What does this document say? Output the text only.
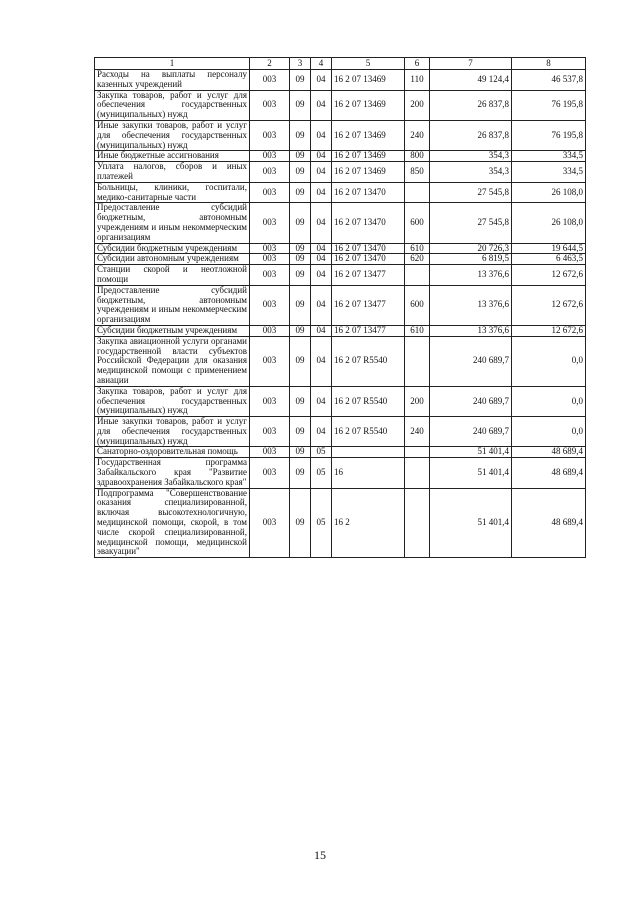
1	2	3	4	5	6	7	8
Расходы на выплаты персоналу казенных учреждений	003	09	04	16 2 07 13469	110	49 124,4	46 537,8
Закупка товаров, работ и услуг для обеспечения государственных (муниципальных) нужд	003	09	04	16 2 07 13469	200	26 837,8	76 195,8
Иные закупки товаров, работ и услуг для обеспечения государственных (муниципальных) нужд	003	09	04	16 2 07 13469	240	26 837,8	76 195,8
Иные бюджетные ассигнования	003	09	04	16 2 07 13469	800	354,3	334,5
Уплата налогов, сборов и иных платежей	003	09	04	16 2 07 13469	850	354,3	334,5
Больницы, клиники, госпитали, медико-санитарные части	003	09	04	16 2 07 13470		27 545,8	26 108,0
Предоставление субсидий бюджетным, автономным учреждениям и иным некоммерческим организациям	003	09	04	16 2 07 13470	600	27 545,8	26 108,0
Субсидии бюджетным учреждениям	003	09	04	16 2 07 13470	610	20 726,3	19 644,5
Субсидии автономным учреждениям	003	09	04	16 2 07 13470	620	6 819,5	6 463,5
Станции скорой и неотложной помощи	003	09	04	16 2 07 13477		13 376,6	12 672,6
Предоставление субсидий бюджетным, автономным учреждениям и иным некоммерческим организациям	003	09	04	16 2 07 13477	600	13 376,6	12 672,6
Субсидии бюджетным учреждениям	003	09	04	16 2 07 13477	610	13 376,6	12 672,6
Закупка авиационной услуги органами государственной власти субъектов Российской Федерации для оказания медицинской помощи с применением авиации	003	09	04	16 2 07 R5540		240 689,7	0,0
Закупка товаров, работ и услуг для обеспечения государственных (муниципальных) нужд	003	09	04	16 2 07 R5540	200	240 689,7	0,0
Иные закупки товаров, работ и услуг для обеспечения государственных (муниципальных) нужд	003	09	04	16 2 07 R5540	240	240 689,7	0,0
Санаторно-оздоровительная помощь	003	09	05			51 401,4	48 689,4
Государственная программа Забайкальского края "Развитие здравоохранения Забайкальского края"	003	09	05	16		51 401,4	48 689,4
Подпрограмма "Совершенствование оказания специализированной, включая высокотехнологичную, медицинской помощи, скорой, в том числе скорой специализированной, медицинской помощи, медицинской эвакуации"	003	09	05	16 2		51 401,4	48 689,4
15
